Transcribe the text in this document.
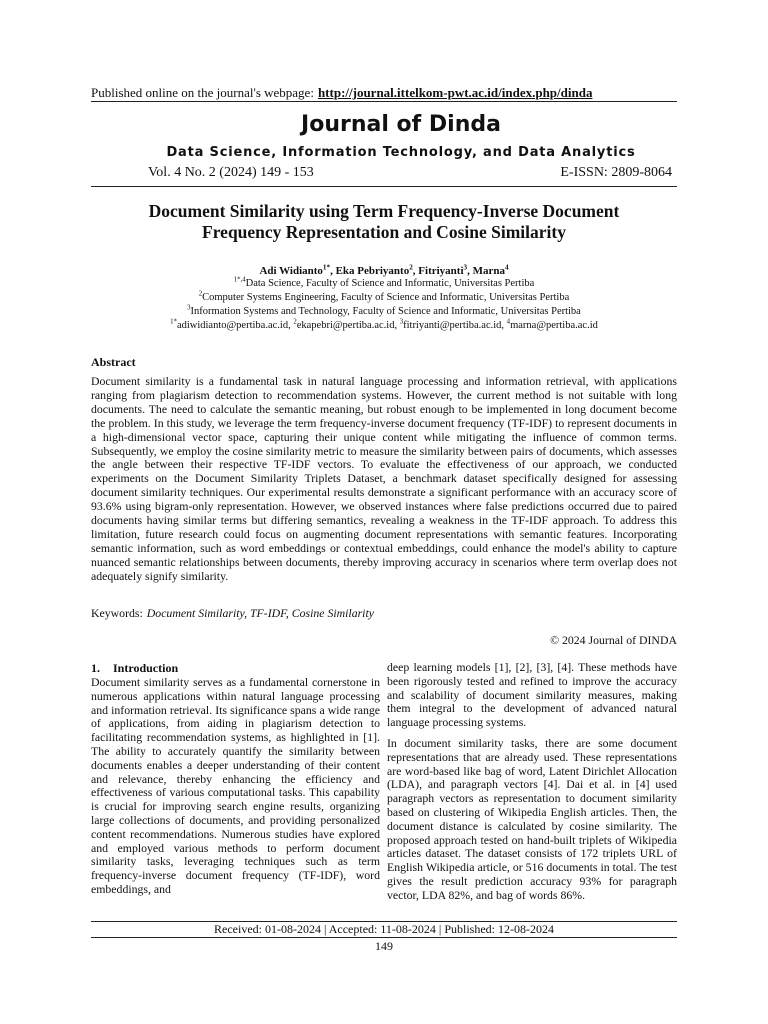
Published online on the journal's webpage: http://journal.ittelkom-pwt.ac.id/index.php/dinda
Journal of Dinda
Data Science, Information Technology, and Data Analytics
Vol. 4 No. 2 (2024) 149 - 153	E-ISSN: 2809-8064
Document Similarity using Term Frequency-Inverse Document
Frequency Representation and Cosine Similarity
Adi Widianto$^{1*}$, Eka Pebriyanto$^2$, Fitriyanti$^3$, Marna$^4$
$^{1*,4}$Data Science, Faculty of Science and Informatic, Universitas Pertiba
$^2$Computer Systems Engineering, Faculty of Science and Informatic, Universitas Pertiba
$^3$Information Systems and Technology, Faculty of Science and Informatic, Universitas Pertiba
$^{1*}$adiwidianto@pertiba.ac.id, $^2$ekapebri@pertiba.ac.id, $^3$fitriyanti@pertiba.ac.id, $^4$marna@pertiba.ac.id
Abstract
Document similarity is a fundamental task in natural language processing and information retrieval, with applications ranging from plagiarism detection to recommendation systems. However, the current method is not suitable with long documents. The need to calculate the semantic meaning, but robust enough to be implemented in long document become the problem. In this study, we leverage the term frequency-inverse document frequency (TF-IDF) to represent documents in a high-dimensional vector space, capturing their unique content while mitigating the influence of common terms. Subsequently, we employ the cosine similarity metric to measure the similarity between pairs of documents, which assesses the angle between their respective TF-IDF vectors. To evaluate the effectiveness of our approach, we conducted experiments on the Document Similarity Triplets Dataset, a benchmark dataset specifically designed for assessing document similarity techniques. Our experimental results demonstrate a significant performance with an accuracy score of 93.6% using bigram-only representation. However, we observed instances where false predictions occurred due to paired documents having similar terms but differing semantics, revealing a weakness in the TF-IDF approach. To address this limitation, future research could focus on augmenting document representations with semantic features. Incorporating semantic information, such as word embeddings or contextual embeddings, could enhance the model's ability to capture nuanced semantic relationships between documents, thereby improving accuracy in scenarios where term overlap does not adequately signify similarity.
Keywords: Document Similarity, TF-IDF, Cosine Similarity
© 2024 Journal of DINDA
1. Introduction

Document similarity serves as a fundamental cornerstone in numerous applications within natural language processing and information retrieval. Its significance spans a wide range of applications, from aiding in plagiarism detection to facilitating recommendation systems, as highlighted in [1]. The ability to accurately quantify the similarity between documents enables a deeper understanding of their content and relevance, thereby enhancing the efficiency and effectiveness of various computational tasks. This capability is crucial for improving search engine results, organizing large collections of documents, and providing personalized content recommendations. Numerous studies have explored and employed various methods to perform document similarity tasks, leveraging techniques such as term frequency-inverse document frequency (TF-IDF), word embeddings, and

deep learning models [1], [2], [3], [4]. These methods have been rigorously tested and refined to improve the accuracy and scalability of document similarity measures, making them integral to the development of advanced natural language processing systems.

In document similarity tasks, there are some document representations that are already used. These representations are word-based like bag of word, Latent Dirichlet Allocation (LDA), and paragraph vectors [4]. Dai et al. in [4] used paragraph vectors as representation to document similarity based on clustering of Wikipedia English articles. Then, the document distance is calculated by cosine similarity. The proposed approach tested on hand-built triplets of Wikipedia articles dataset. The dataset consists of 172 triplets URL of English Wikipedia article, or 516 documents in total. The test gives the result prediction accuracy 93% for paragraph vector, LDA 82%, and bag of words 86%.

Received: 01-08-2024 | Accepted: 11-08-2024 | Published: 12-08-2024
149
